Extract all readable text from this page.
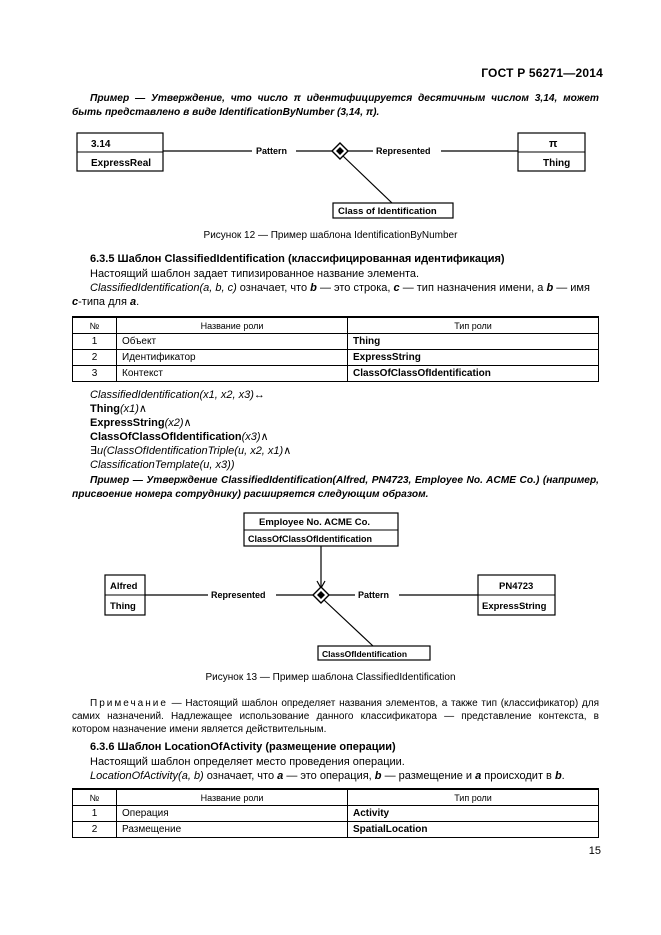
ГОСТ Р 56271—2014
Пример — Утверждение, что число π идентифицируется десятичным числом 3,14, может быть представлено в виде IdentificationByNumber (3,14, π).
3.14
ExpressReal
Pattern	Represented
π
Thing
Class of Identification
Рисунок 12 — Пример шаблона IdentificationByNumber
6.3.5 Шаблон ClassifiedIdentification (классифицированная идентификация)
Настоящий шаблон задает типизированное название элемента.
ClassifiedIdentification(a, b, c) означает, что b — это строка, c — тип назначения имени, а b — имя
c-типа для a.
№	Название роли	Тип роли
1	Объект	Thing
2	Идентификатор	ExpressString
3	Контекст	ClassOfClassOfIdentification
ClassifiedIdentification(x1, x2, x3)↔
Thing(x1)∧
ExpressString(x2)∧
ClassOfClassOfIdentification(x3)∧
∃u(ClassOfIdentificationTriple(u, x2, x1)∧
ClassificationTemplate(u, x3))
Пример — Утверждение ClassifiedIdentification(Alfred, PN4723, Employee No. ACME Co.) (например, присвоение номера сотруднику) расширяется следующим образом.
Employee No. ACME Co.
ClassOfClassOfIdentification
Alfred
Thing
Represented	Pattern
PN4723
ExpressString
ClassOfIdentification
Рисунок 13 — Пример шаблона ClassifiedIdentification
Примечание — Настоящий шаблон определяет названия элементов, а также тип (классификатор) для самих назначений. Надлежащее использование данного классификатора — представление контекста, в котором назначение имени является действительным.
6.3.6 Шаблон LocationOfActivity (размещение операции)
Настоящий шаблон определяет место проведения операции.
LocationOfActivity(a, b) означает, что a — это операция, b — размещение и a происходит в b.
№	Название роли	Тип роли
1	Операция	Activity
2	Размещение	SpatialLocation
15
